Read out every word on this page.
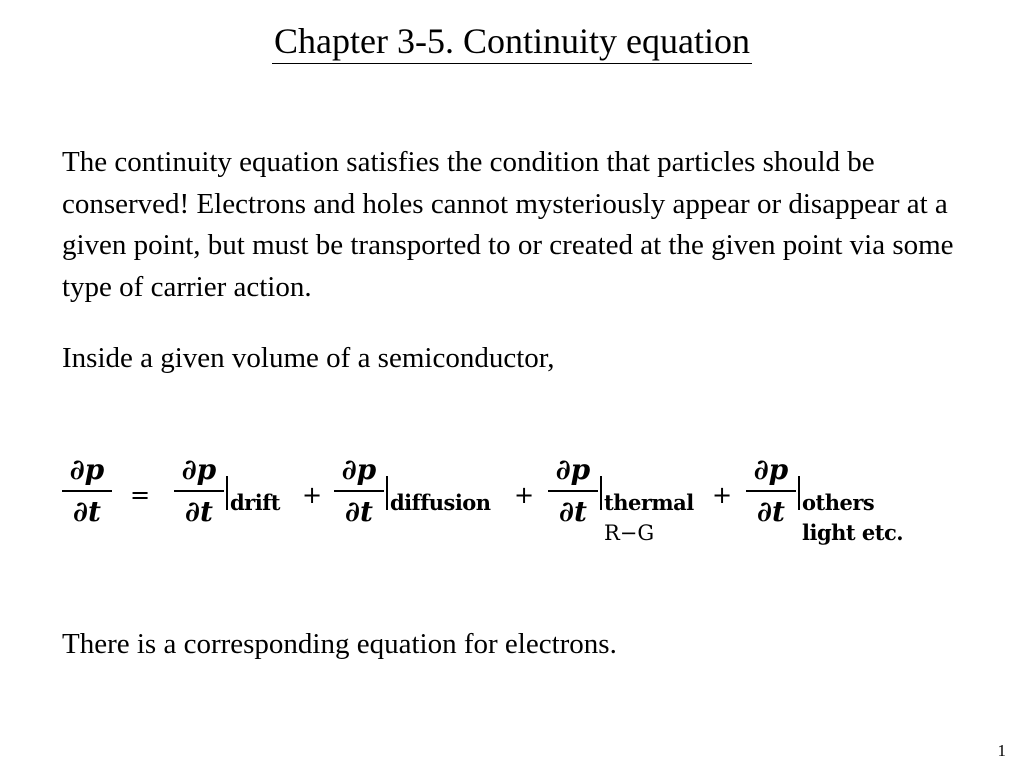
Chapter 3-5. Continuity equation

The continuity equation satisfies the condition that particles should be conserved! Electrons and holes cannot mysteriously appear or disappear at a given point, but must be transported to or created at the given point via some type of carrier action.

Inside a given volume of a semiconductor,

∂p
∂t	=
∂p
∂t drift +
∂p
∂t diffusion +
∂p
∂t thermal
R−G
+
∂p
∂t others
light etc.

There is a corresponding equation for electrons.

1
